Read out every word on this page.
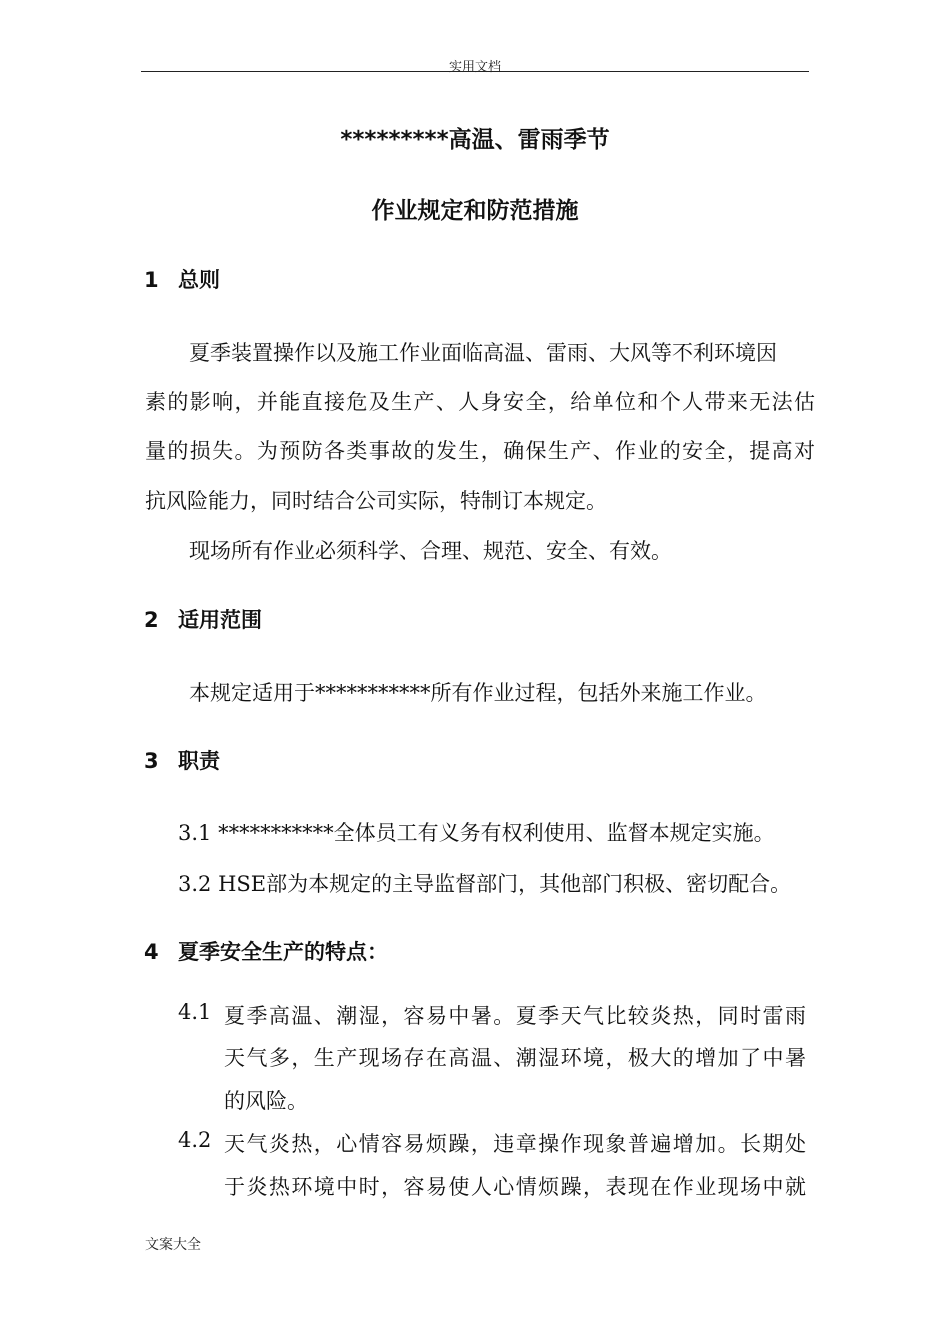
实用文档
*********高温、雷雨季节
作业规定和防范措施
1 总则
夏季装置操作以及施工作业面临高温、雷雨、大风等不利环境因
素的影响，并能直接危及生产、人身安全，给单位和个人带来无法估
量的损失。为预防各类事故的发生，确保生产、作业的安全，提高对
抗风险能力，同时结合公司实际，特制订本规定。
现场所有作业必须科学、合理、规范、安全、有效。
2 适用范围
本规定适用于***********所有作业过程，包括外来施工作业。
3 职责
3.1 ***********全体员工有义务有权利使用、监督本规定实施。
3.2 HSE部为本规定的主导监督部门，其他部门积极、密切配合。
4 夏季安全生产的特点：
4.1 夏季高温、潮湿，容易中暑。夏季天气比较炎热，同时雷雨
天气多，生产现场存在高温、潮湿环境，极大的增加了中暑
的风险。
4.2 天气炎热，心情容易烦躁，违章操作现象普遍增加。长期处
于炎热环境中时，容易使人心情烦躁，表现在作业现场中就
文案大全
